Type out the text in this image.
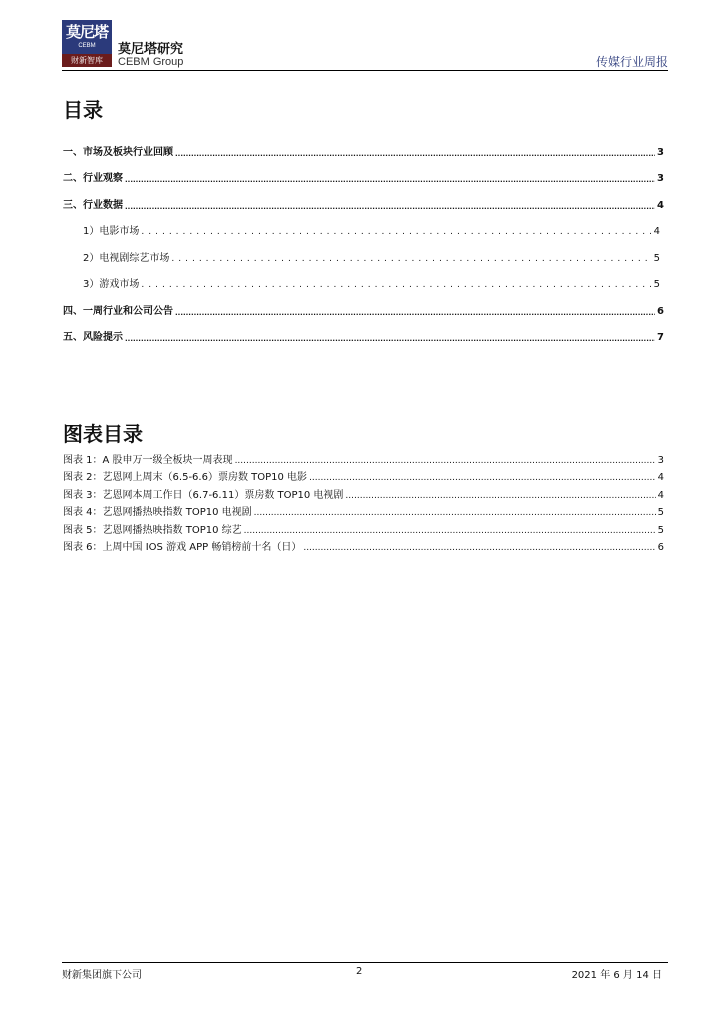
莫尼塔
CEBM
财新智库
莫尼塔研究
CEBM Group	传媒行业周报
目录
一、市场及板块行业回顾 .....	3
二、行业观察 .....	3
三、行业数据 .....	4
1）电影市场 .....	4
2）电视剧综艺市场 .....	5
3）游戏市场 .....	5
四、一周行业和公司公告 .....	6
五、风险提示 .....	7
图表目录
图表 1：A 股申万一级全板块一周表现 .....	3
图表 2：艺恩网上周末（6.5-6.6）票房数 TOP10 电影 .....	4
图表 3：艺恩网本周工作日（6.7-6.11）票房数 TOP10 电视剧 .....	4
图表 4：艺恩网播热映指数 TOP10 电视剧 .....	5
图表 5：艺恩网播热映指数 TOP10 综艺 .....	5
图表 6：上周中国 IOS 游戏 APP 畅销榜前十名（日） .....	6
财新集团旗下公司	2	2021 年 6 月 14 日
